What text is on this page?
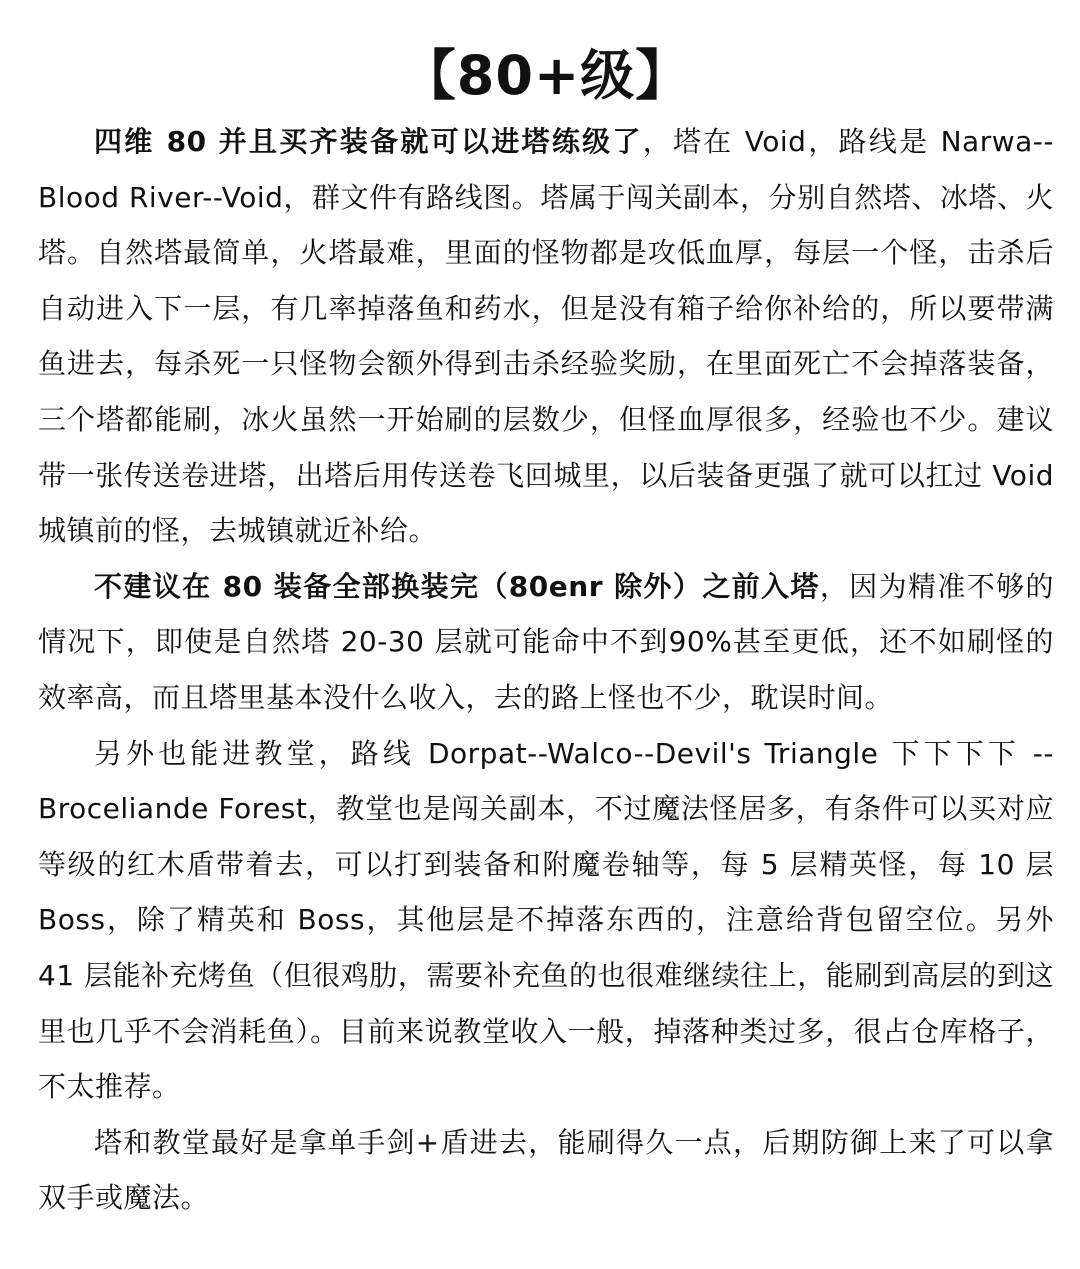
【80+级】

四维 80 并且买齐装备就可以进塔练级了，塔在 Void，路线是 Narwa--Blood River--Void，群文件有路线图。塔属于闯关副本，分别自然塔、冰塔、火塔。自然塔最简单，火塔最难，里面的怪物都是攻低血厚，每层一个怪，击杀后自动进入下一层，有几率掉落鱼和药水，但是没有箱子给你补给的，所以要带满鱼进去，每杀死一只怪物会额外得到击杀经验奖励，在里面死亡不会掉落装备，三个塔都能刷，冰火虽然一开始刷的层数少，但怪血厚很多，经验也不少。建议带一张传送卷进塔，出塔后用传送卷飞回城里，以后装备更强了就可以扛过 Void 城镇前的怪，去城镇就近补给。

不建议在 80 装备全部换装完（80enr 除外）之前入塔，因为精准不够的情况下，即使是自然塔 20-30 层就可能命中不到90%甚至更低，还不如刷怪的效率高，而且塔里基本没什么收入，去的路上怪也不少，耽误时间。

另外也能进教堂，路线 Dorpat--Walco--Devil's Triangle 下下下下 --Broceliande Forest，教堂也是闯关副本，不过魔法怪居多，有条件可以买对应等级的红木盾带着去，可以打到装备和附魔卷轴等，每 5 层精英怪，每 10 层 Boss，除了精英和 Boss，其他层是不掉落东西的，注意给背包留空位。另外 41 层能补充烤鱼（但很鸡肋，需要补充鱼的也很难继续往上，能刷到高层的到这里也几乎不会消耗鱼）。目前来说教堂收入一般，掉落种类过多，很占仓库格子，不太推荐。

塔和教堂最好是拿单手剑+盾进去，能刷得久一点，后期防御上来了可以拿双手或魔法。
